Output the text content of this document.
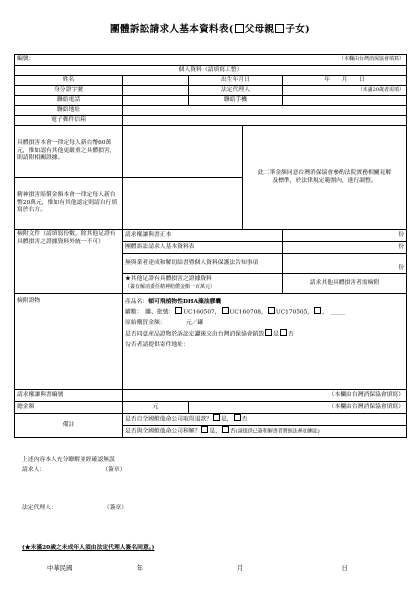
團體訴訟請求人基本資料表( 父母親 子女)
編號： （本欄由台灣消保協會填寫）				

個人資料（請填寫工整）				
姓名		出生年月日		年　　月　　日
身分證字號		法定代理人		（未滿20歲者需填）
聯絡電話		聯絡手機		
聯絡地址				
電子郵件信箱				
具體損害本會一律定每人新台幣60萬元，惟如認有其他更嚴重之具體損害，則請附相關證據。			此二筆金額同意台灣消保協會參酌法院實務相關見解及標準，於法律規定範圍內，進行調整。	
精神損害賠償金額本會一律定每人新台幣20萬元，惟如有其他認定則請自行填寫於右方。				
檢附文件（請填寫份數，除其他足證有具體損害之證據資料外統一不可）	請求權讓與書正本			份
	團體訴訟請求人基本資料表			份
	無與業者達成和解切結書暨個人資料保護法告知事項			份

	★其他足證有具體損害之證據資料
（簽有解消委任精神賠償金額一百萬元）			請求其他具體損害者需檢附
檢附證物	產品名：頓可飛植物性DHA藻油膠囊
罐數：　罐、批號： UC160507， UC160708， UC170505， ，　_____
原始購買金額：　　　　元／罐
是否同意產品證物於訴訟定讞後交由台灣消保協會銷毀 是 否
勾否者請提供寄件地址：			

請求權讓與書編號	（本欄由台灣消保協會填寫）			
總金額	元	（本欄由台灣消保協會填寫）		
備註	是否自全國維他命公司取得退款？ 是， 否			
	是否與全國維他命公司和解？ 是， 否(請提供已簽和解書者將無法參加團訟)			
上述內容本人充分瞭解並經確認無誤
請求人：	（簽章）
法定代理人：	（簽章）
(★未滿20歲之未成年人須由法定代理人簽名同意。)
中華民國	年	月	日
